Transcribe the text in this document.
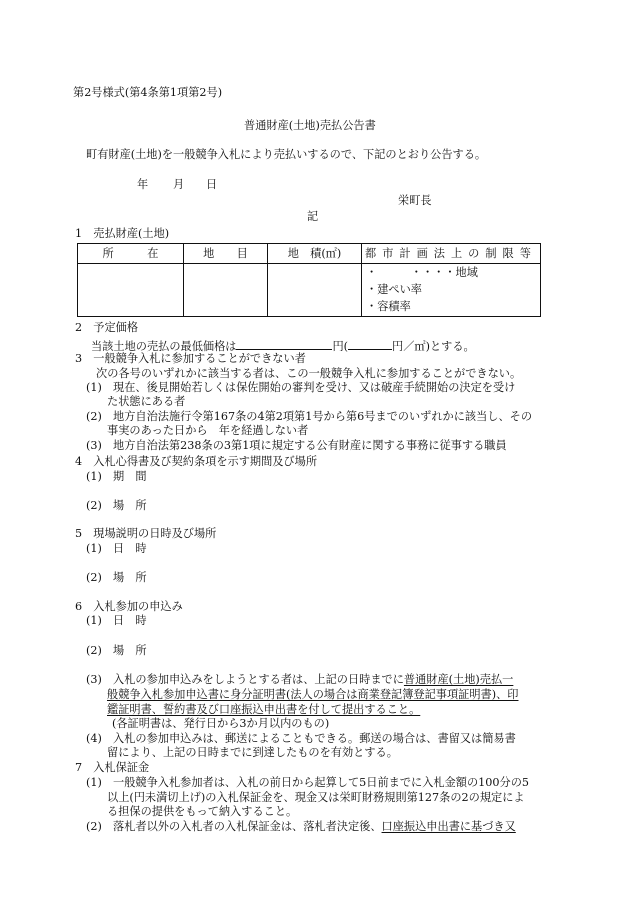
第2号様式(第4条第1項第2号)
普通財産(土地)売払公告書
町有財産(土地)を一般競争入札により売払いするので、下記のとおり公告する。
年 月 日
栄町長
記
1　売払財産(土地)
所　　　在	地　　目	地　積(㎡)	都市計画法上の制限等

			・　　　・・・・地域
・建ぺい率
・容積率
2　予定価格
当該土地の売払の最低価格は	円(	円／㎡)とする。
3　一般競争入札に参加することができない者
次の各号のいずれかに該当する者は、この一般競争入札に参加することができない。
(1)　現在、後見開始若しくは保佐開始の審判を受け、又は破産手続開始の決定を受け
た状態にある者
(2)　地方自治法施行令第167条の4第2項第1号から第6号までのいずれかに該当し、その
事実のあった日から　年を経過しない者
(3)　地方自治法第238条の3第1項に規定する公有財産に関する事務に従事する職員
4　入札心得書及び契約条項を示す期間及び場所
(1)　期　間
(2)　場　所
5　現場説明の日時及び場所
(1)　日　時
(2)　場　所
6　入札参加の申込み
(1)　日　時
(2)　場　所
(3)　入札の参加申込みをしようとする者は、上記の日時までに普通財産(土地)売払一
般競争入札参加申込書に身分証明書(法人の場合は商業登記簿登記事項証明書)、印
鑑証明書、誓約書及び口座振込申出書を付して提出すること。
(各証明書は、発行日から3か月以内のもの)
(4)　入札の参加申込みは、郵送によることもできる。郵送の場合は、書留又は簡易書
留により、上記の日時までに到達したものを有効とする。
7　入札保証金
(1)　一般競争入札参加者は、入札の前日から起算して5日前までに入札金額の100分の5
以上(円未満切上げ)の入札保証金を、現金又は栄町財務規則第127条の2の規定によ
る担保の提供をもって納入すること。
(2)　落札者以外の入札者の入札保証金は、落札者決定後、口座振込申出書に基づき又
